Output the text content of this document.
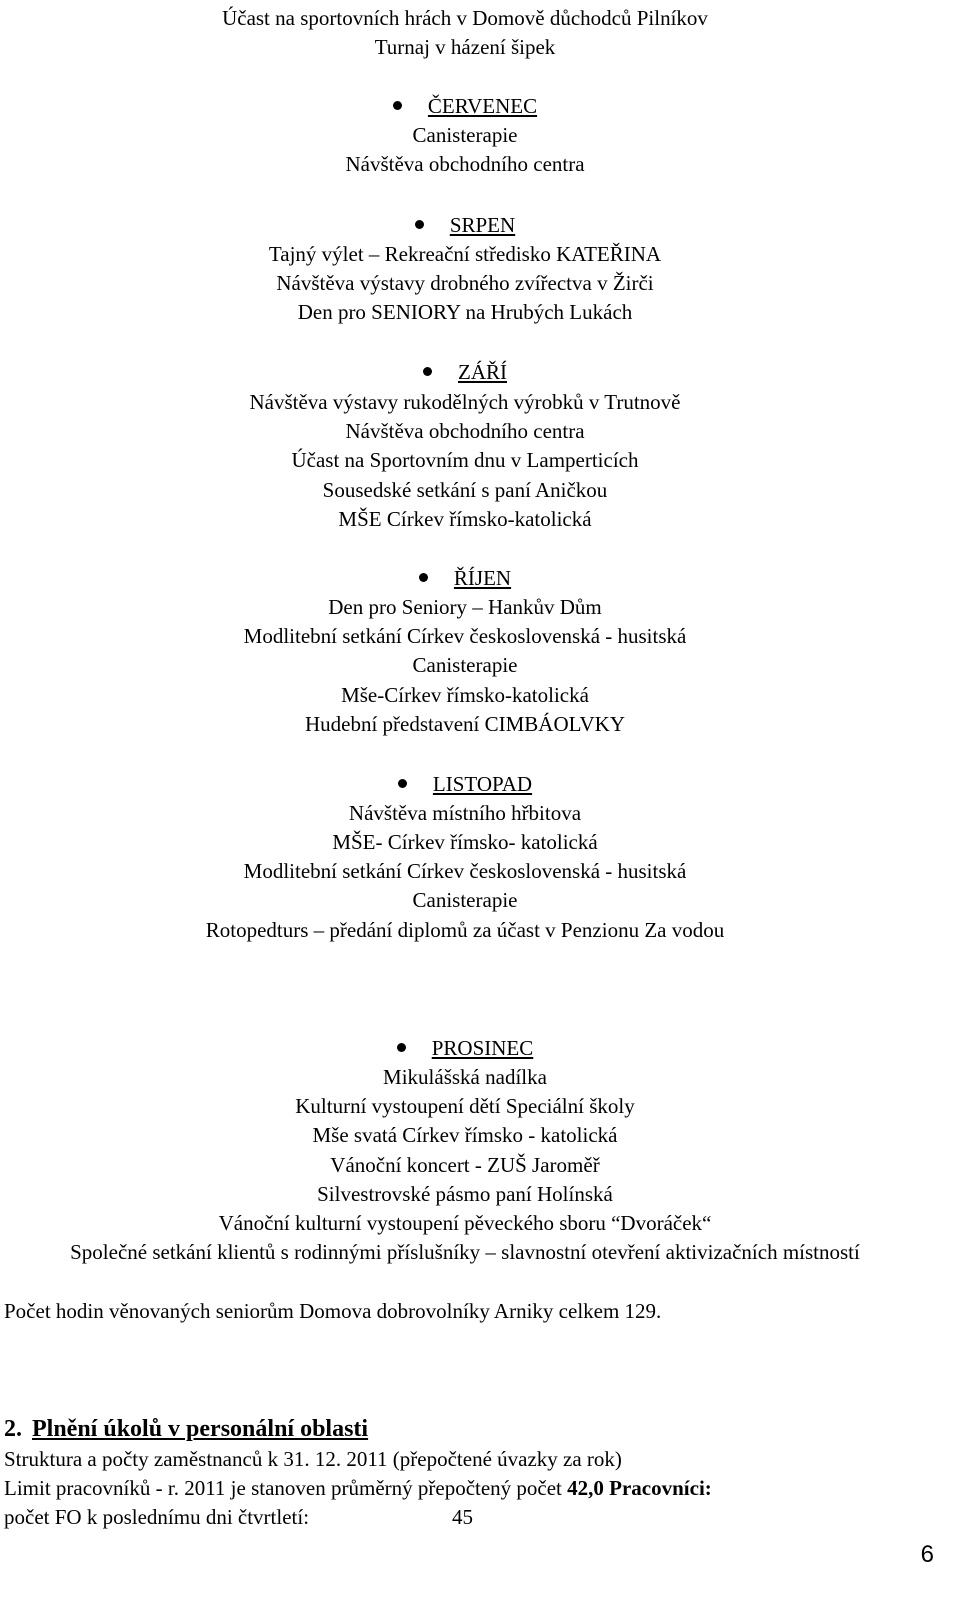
Účast na sportovních hrách v Domově důchodců Pilníkov
Turnaj v házení šipek
ČERVENEC
Canisterapie
Návštěva obchodního centra
SRPEN
Tajný výlet – Rekreační středisko KATEŘINA
Návštěva výstavy drobného zvířectva v Žirči
Den pro SENIORY na Hrubých Lukách
ZÁŘÍ
Návštěva výstavy rukodělných výrobků v Trutnově
Návštěva obchodního centra
Účast na Sportovním dnu v Lamperticích
Sousedské setkání s paní Aničkou
MŠE Církev římsko-katolická
ŘÍJEN
Den pro Seniory – Hankův Dům
Modlitební setkání Církev československá - husitská
Canisterapie
Mše-Církev římsko-katolická
Hudební představení CIMBÁOLVKY
LISTOPAD
Návštěva místního hřbitova
MŠE- Církev římsko- katolická
Modlitební setkání Církev československá - husitská
Canisterapie
Rotopedturs – předání diplomů za účast v Penzionu Za vodou
PROSINEC
Mikulášská nadílka
Kulturní vystoupení dětí Speciální školy
Mše svatá Církev římsko - katolická
Vánoční koncert - ZUŠ Jaroměř
Silvestrovské pásmo paní Holínská
Vánoční kulturní vystoupení pěveckého sboru “Dvoráček“
Společné setkání klientů s rodinnými příslušníky – slavnostní otevření aktivizačních místností
Počet hodin věnovaných seniorům Domova dobrovolníky Arniky celkem 129.
2. Plnění úkolů v personální oblasti
Struktura a počty zaměstnanců k 31. 12. 2011 (přepočtené úvazky za rok)
Limit pracovníků - r. 2011 je stanoven průměrný přepočtený počet 42,0 Pracovníci:
počet FO k poslednímu dni čtvrtletí:	45
6
